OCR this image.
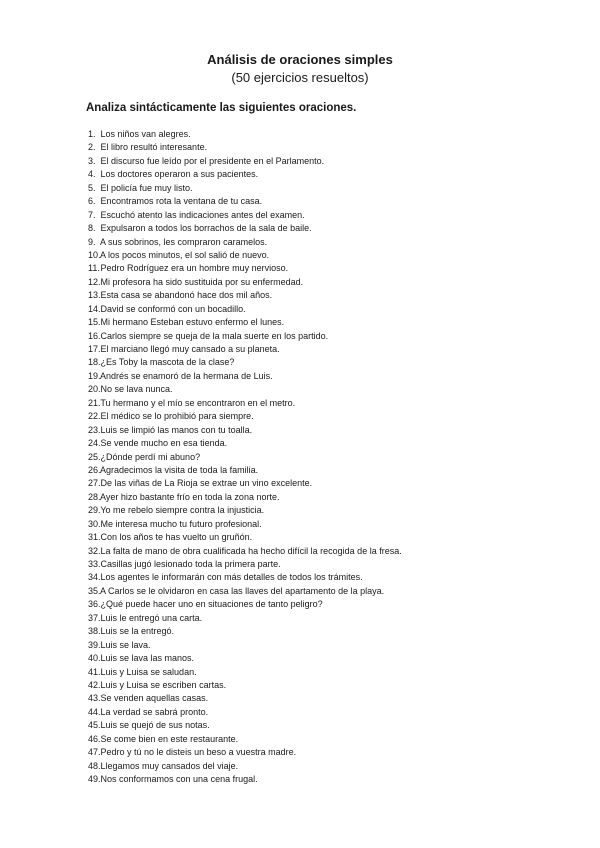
Análisis de oraciones simples
(50 ejercicios resueltos)
Analiza sintácticamente las siguientes oraciones.
1. Los niños van alegres.
2. El libro resultó interesante.
3. El discurso fue leído por el presidente en el Parlamento.
4. Los doctores operaron a sus pacientes.
5. El policía fue muy listo.
6. Encontramos rota la ventana de tu casa.
7. Escuchó atento las indicaciones antes del examen.
8. Expulsaron a todos los borrachos de la sala de baile.
9. A sus sobrinos, les compraron caramelos.
10. A los pocos minutos, el sol salió de nuevo.
11. Pedro Rodríguez era un hombre muy nervioso.
12. Mi profesora ha sido sustituida por su enfermedad.
13. Esta casa se abandonó hace dos mil años.
14. David se conformó con un bocadillo.
15. Mi hermano Esteban estuvo enfermo el lunes.
16. Carlos siempre se queja de la mala suerte en los partido.
17. El marciano llegó muy cansado a su planeta.
18. ¿Es Toby la mascota de la clase?
19. Andrés se enamoró de la hermana de Luis.
20. No se lava nunca.
21. Tu hermano y el mío se encontraron en el metro.
22. El médico se lo prohibió para siempre.
23. Luis se limpió las manos con tu toalla.
24. Se vende mucho en esa tienda.
25. ¿Dónde perdí mi abuno?
26. Agradecimos la visita de toda la familia.
27. De las viñas de La Rioja se extrae un vino excelente.
28. Ayer hizo bastante frío en toda la zona norte.
29. Yo me rebelo siempre contra la injusticia.
30. Me interesa mucho tu futuro profesional.
31. Con los años te has vuelto un gruñón.
32. La falta de mano de obra cualificada ha hecho difícil la recogida de la fresa.
33. Casillas jugó lesionado toda la primera parte.
34. Los agentes le informarán con más detalles de todos los trámites.
35. A Carlos se le olvidaron en casa las llaves del apartamento de la playa.
36. ¿Qué puede hacer uno en situaciones de tanto peligro?
37. Luis le entregó una carta.
38. Luis se la entregó.
39. Luis se lava.
40. Luis se lava las manos.
41. Luis y Luisa se saludan.
42. Luis y Luisa se escriben cartas.
43. Se venden aquellas casas.
44. La verdad se sabrá pronto.
45. Luis se quejó de sus notas.
46. Se come bien en este restaurante.
47. Pedro y tú no le disteis un beso a vuestra madre.
48. Llegamos muy cansados del viaje.
49. Nos conformamos con una cena frugal.
